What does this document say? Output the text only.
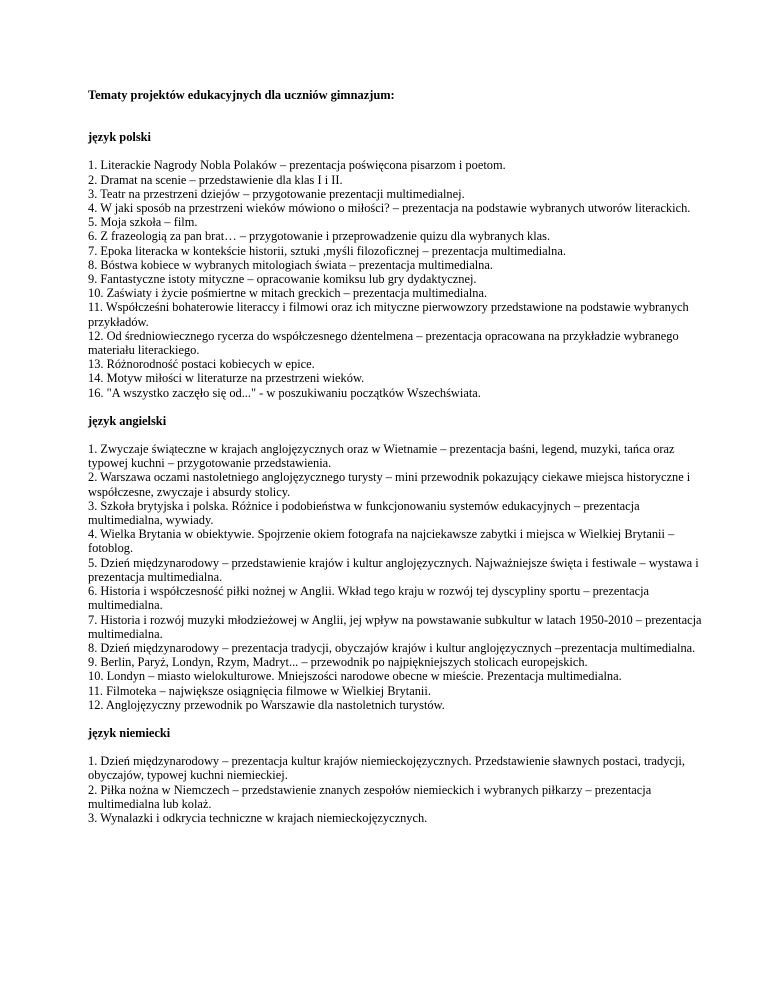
Tematy projektów edukacyjnych dla uczniów gimnazjum:

język polski

1. Literackie Nagrody Nobla Polaków – prezentacja poświęcona pisarzom i poetom.
2. Dramat na scenie – przedstawienie dla klas I i II.
3. Teatr na przestrzeni dziejów – przygotowanie prezentacji multimedialnej.
4. W jaki sposób na przestrzeni wieków mówiono o miłości? – prezentacja na podstawie wybranych utworów literackich.
5. Moja szkoła – film.
6. Z frazeologią za pan brat… – przygotowanie i przeprowadzenie quizu dla wybranych klas.
7. Epoka literacka w kontekście historii, sztuki ,myśli filozoficznej – prezentacja multimedialna.
8. Bóstwa kobiece w wybranych mitologiach świata – prezentacja multimedialna.
9. Fantastyczne istoty mityczne – opracowanie komiksu lub gry dydaktycznej.
10. Zaświaty i życie pośmiertne w mitach greckich – prezentacja multimedialna.
11. Współcześni bohaterowie literaccy i filmowi oraz ich mityczne pierwowzory przedstawione na podstawie wybranych przykładów.
12. Od średniowiecznego rycerza do współczesnego dżentelmena – prezentacja opracowana na przykładzie wybranego materiału literackiego.
13. Różnorodność postaci kobiecych w epice.
14. Motyw miłości w literaturze na przestrzeni wieków.
16. "A wszystko zaczęło się od..." - w poszukiwaniu początków Wszechświata.

język angielski

1. Zwyczaje świąteczne w krajach anglojęzycznych oraz w Wietnamie – prezentacja baśni, legend, muzyki, tańca oraz typowej kuchni – przygotowanie przedstawienia.
2. Warszawa oczami nastoletniego anglojęzycznego turysty – mini przewodnik pokazujący ciekawe miejsca historyczne i współczesne, zwyczaje i absurdy stolicy.
3. Szkoła brytyjska i polska. Różnice i podobieństwa w funkcjonowaniu systemów edukacyjnych – prezentacja multimedialna, wywiady.
4. Wielka Brytania w obiektywie. Spojrzenie okiem fotografa na najciekawsze zabytki i miejsca w Wielkiej Brytanii – fotoblog.
5. Dzień międzynarodowy – przedstawienie krajów i kultur anglojęzycznych. Najważniejsze święta i festiwale – wystawa i prezentacja multimedialna.
6. Historia i współczesność piłki nożnej w Anglii. Wkład tego kraju w rozwój tej dyscypliny sportu – prezentacja multimedialna.
7. Historia i rozwój muzyki młodzieżowej w Anglii, jej wpływ na powstawanie subkultur w latach 1950-2010 – prezentacja multimedialna.
8. Dzień międzynarodowy – prezentacja tradycji, obyczajów krajów i kultur anglojęzycznych –prezentacja multimedialna.
9. Berlin, Paryż, Londyn, Rzym, Madryt... – przewodnik po najpiękniejszych stolicach europejskich.
10. Londyn – miasto wielokulturowe. Mniejszości narodowe obecne w mieście. Prezentacja multimedialna.
11. Filmoteka – największe osiągnięcia filmowe w Wielkiej Brytanii.
12. Anglojęzyczny przewodnik po Warszawie dla nastoletnich turystów.

język niemiecki

1. Dzień międzynarodowy – prezentacja kultur krajów niemieckojęzycznych. Przedstawienie sławnych postaci, tradycji, obyczajów, typowej kuchni niemieckiej.
2. Piłka nożna w Niemczech – przedstawienie znanych zespołów niemieckich i wybranych piłkarzy – prezentacja multimedialna lub kolaż.
3. Wynalazki i odkrycia techniczne w krajach niemieckojęzycznych.
